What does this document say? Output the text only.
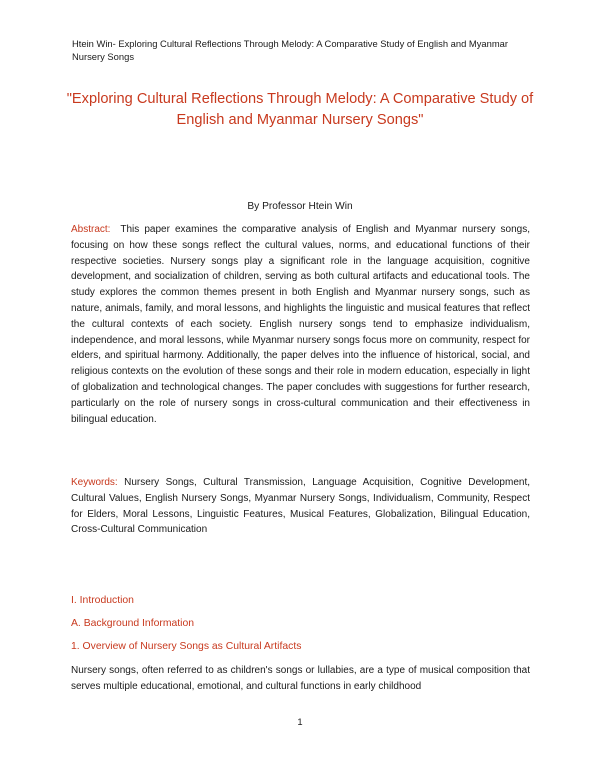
Htein Win- Exploring Cultural Reflections Through Melody: A Comparative Study of English and Myanmar Nursery Songs
"Exploring Cultural Reflections Through Melody: A Comparative Study of English and Myanmar Nursery Songs"
By Professor Htein Win

Abstract: This paper examines the comparative analysis of English and Myanmar nursery songs, focusing on how these songs reflect the cultural values, norms, and educational functions of their respective societies. Nursery songs play a significant role in the language acquisition, cognitive development, and socialization of children, serving as both cultural artifacts and educational tools. The study explores the common themes present in both English and Myanmar nursery songs, such as nature, animals, family, and moral lessons, and highlights the linguistic and musical features that reflect the cultural contexts of each society. English nursery songs tend to emphasize individualism, independence, and moral lessons, while Myanmar nursery songs focus more on community, respect for elders, and spiritual harmony. Additionally, the paper delves into the influence of historical, social, and religious contexts on the evolution of these songs and their role in modern education, especially in light of globalization and technological changes. The paper concludes with suggestions for further research, particularly on the role of nursery songs in cross-cultural communication and their effectiveness in bilingual education.

Keywords: Nursery Songs, Cultural Transmission, Language Acquisition, Cognitive Development, Cultural Values, English Nursery Songs, Myanmar Nursery Songs, Individualism, Community, Respect for Elders, Moral Lessons, Linguistic Features, Musical Features, Globalization, Bilingual Education, Cross-Cultural Communication

I. Introduction
A. Background Information
1. Overview of Nursery Songs as Cultural Artifacts

Nursery songs, often referred to as children's songs or lullabies, are a type of musical composition that serves multiple educational, emotional, and cultural functions in early childhood

1
